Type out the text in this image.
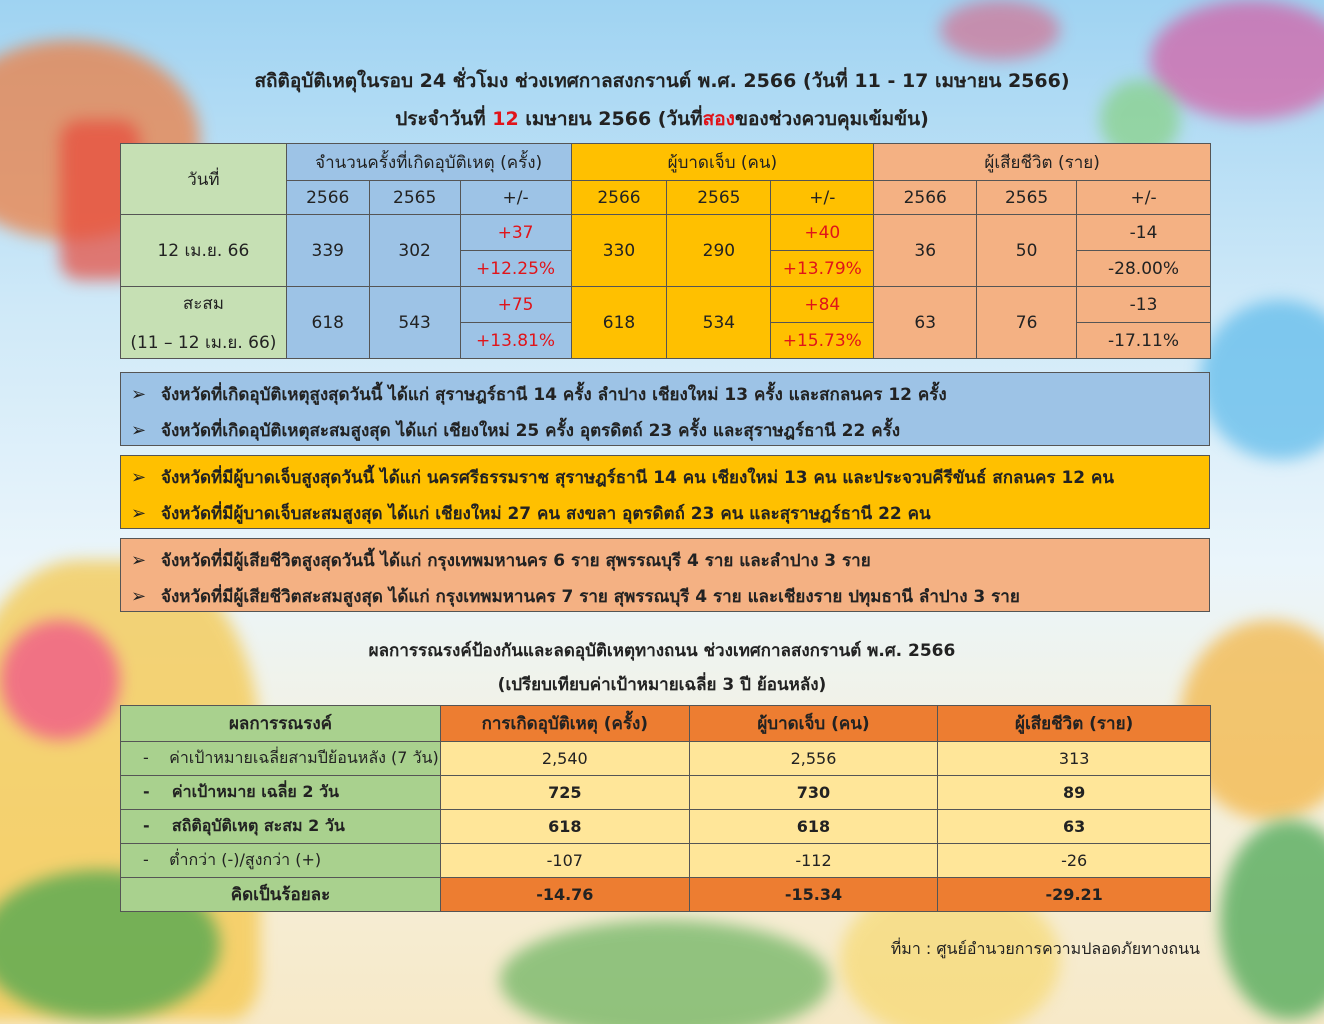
สถิติอุบัติเหตุในรอบ 24 ชั่วโมง ช่วงเทศกาลสงกรานต์ พ.ศ. 2566 (วันที่ 11 - 17 เมษายน 2566)
ประจำวันที่ 12 เมษายน 2566 (วันที่สองของช่วงควบคุมเข้มข้น)
วันที่	จำนวนครั้งที่เกิดอุบัติเหตุ (ครั้ง)			ผู้บาดเจ็บ (คน)			ผู้เสียชีวิต (ราย)		
	2566	2565	+/-	2566	2565	+/-	2566	2565	+/-
12 เม.ย. 66	339	302	+37	330	290	+40	36	50	-14
			+12.25%			+13.79%			-28.00%

สะสม
(11 – 12 เม.ย. 66)	618	543	+75	618	534	+84	63	76	-13
			+13.81%			+15.73%			-17.11%
➢ จังหวัดที่เกิดอุบัติเหตุสูงสุดวันนี้ ได้แก่ สุราษฎร์ธานี 14 ครั้ง ลำปาง เชียงใหม่ 13 ครั้ง และสกลนคร 12 ครั้ง
➢ จังหวัดที่เกิดอุบัติเหตุสะสมสูงสุด ได้แก่ เชียงใหม่ 25 ครั้ง อุตรดิตถ์ 23 ครั้ง และสุราษฎร์ธานี 22 ครั้ง
➢ จังหวัดที่มีผู้บาดเจ็บสูงสุดวันนี้ ได้แก่ นครศรีธรรมราช สุราษฎร์ธานี 14 คน เชียงใหม่ 13 คน และประจวบคีรีขันธ์ สกลนคร 12 คน
➢ จังหวัดที่มีผู้บาดเจ็บสะสมสูงสุด ได้แก่ เชียงใหม่ 27 คน สงขลา อุตรดิตถ์ 23 คน และสุราษฎร์ธานี 22 คน
➢ จังหวัดที่มีผู้เสียชีวิตสูงสุดวันนี้ ได้แก่ กรุงเทพมหานคร 6 ราย สุพรรณบุรี 4 ราย และลำปาง 3 ราย
➢ จังหวัดที่มีผู้เสียชีวิตสะสมสูงสุด ได้แก่ กรุงเทพมหานคร 7 ราย สุพรรณบุรี 4 ราย และเชียงราย ปทุมธานี ลำปาง 3 ราย
ผลการรณรงค์ป้องกันและลดอุบัติเหตุทางถนน ช่วงเทศกาลสงกรานต์ พ.ศ. 2566
(เปรียบเทียบค่าเป้าหมายเฉลี่ย 3 ปี ย้อนหลัง)
ผลการรณรงค์	การเกิดอุบัติเหตุ (ครั้ง)	ผู้บาดเจ็บ (คน)	ผู้เสียชีวิต (ราย)
-    ค่าเป้าหมายเฉลี่ยสามปีย้อนหลัง (7 วัน)	2,540	2,556	313
-    ค่าเป้าหมาย เฉลี่ย 2 วัน	725	730	89
-    สถิติอุบัติเหตุ สะสม 2 วัน	618	618	63
-    ต่ำกว่า (-)/สูงกว่า (+)	-107	-112	-26
คิดเป็นร้อยละ	-14.76	-15.34	-29.21
ที่มา : ศูนย์อำนวยการความปลอดภัยทางถนน
